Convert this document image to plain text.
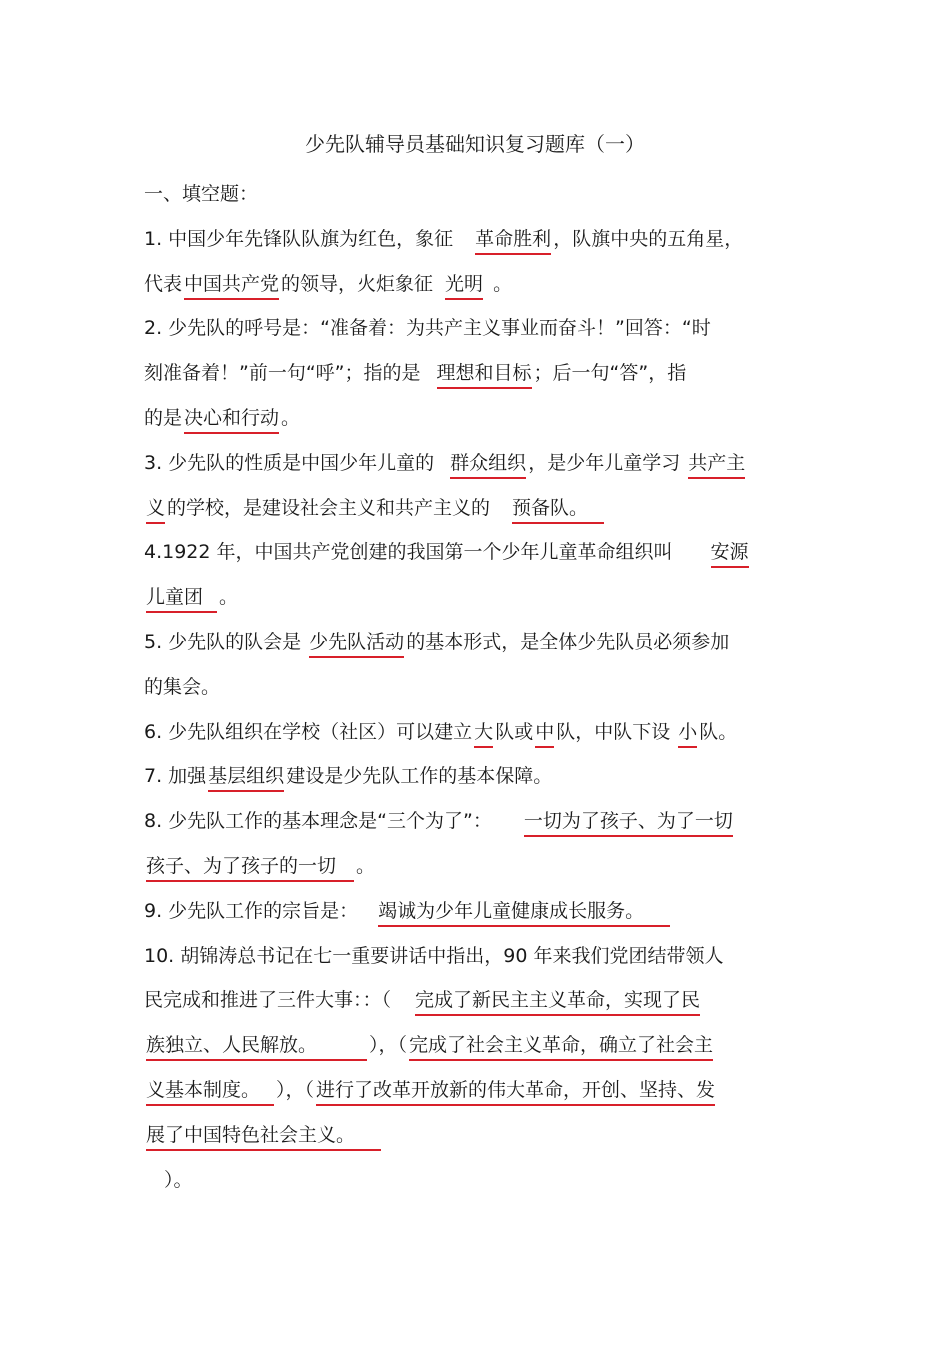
少先队辅导员基础知识复习题库（一）
一、填空题：
1. 中国少年先锋队队旗为红色，象征 革命胜利 ，队旗中央的五角星，
代表 中国共产党 的领导，火炬象征 光明 。
2. 少先队的呼号是：“准备着：为共产主义事业而奋斗！”回答：“时
刻准备着！”前一句“呼”；指的是 理想和目标 ；后一句“答”，指
的是 决心和行动 。
3. 少先队的性质是中国少年儿童的 群众组织 ，是少年儿童学习 共产主
义 的学校，是建设社会主义和共产主义的 预备队。
4.1922 年，中国共产党创建的我国第一个少年儿童革命组织叫 安源
儿童团 。
5. 少先队的队会是 少先队活动 的基本形式，是全体少先队员必须参加
的集会。
6. 少先队组织在学校（社区）可以建立 大 队或 中 队，中队下设 小 队。
7. 加强 基层组织 建设是少先队工作的基本保障。
8. 少先队工作的基本理念是“三个为了”： 一切为了孩子、为了一切
孩子、为了孩子的一切 。
9. 少先队工作的宗旨是： 竭诚为少年儿童健康成长服务。
10. 胡锦涛总书记在七一重要讲话中指出，90 年来我们党团结带领人
民完成和推进了三件大事：：（ 完成了新民主主义革命，实现了民
族独立、人民解放。	），（ 完成了社会主义革命，确立了社会主
义基本制度。 ），（ 进行了改革开放新的伟大革命，开创、坚持、发
展了中国特色社会主义。
）。
